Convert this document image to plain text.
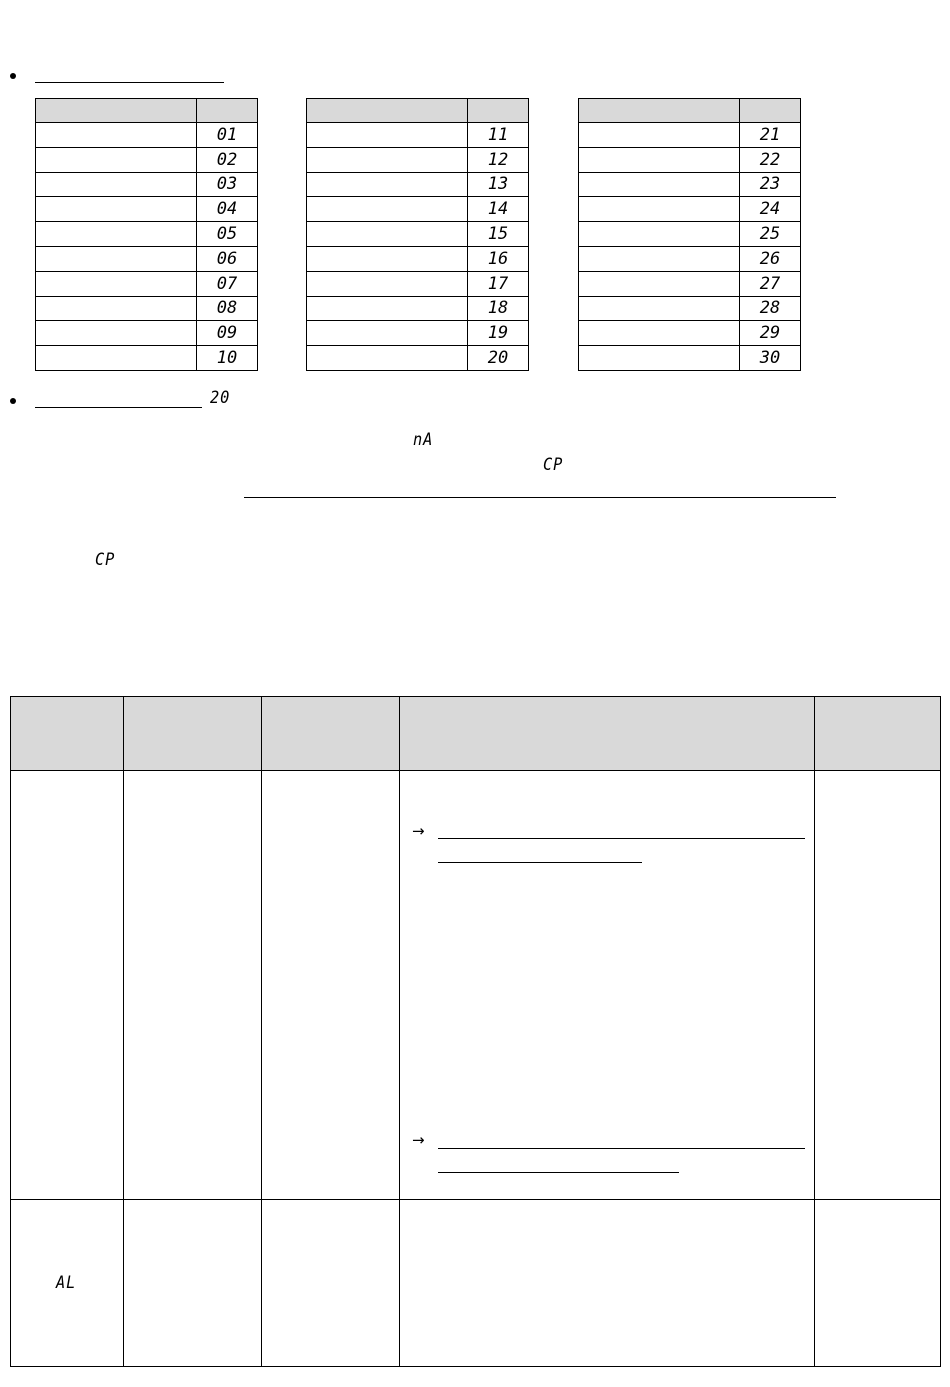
	01
	02
	03
	04
	05
	06
	07
	08
	09
	10

	11
	12
	13
	14
	15
	16
	17
	18
	19
	20

	21
	22
	23
	24
	25
	26
	27
	28
	29
	30
20
nA
CP
CP

			→
→	

AL				
